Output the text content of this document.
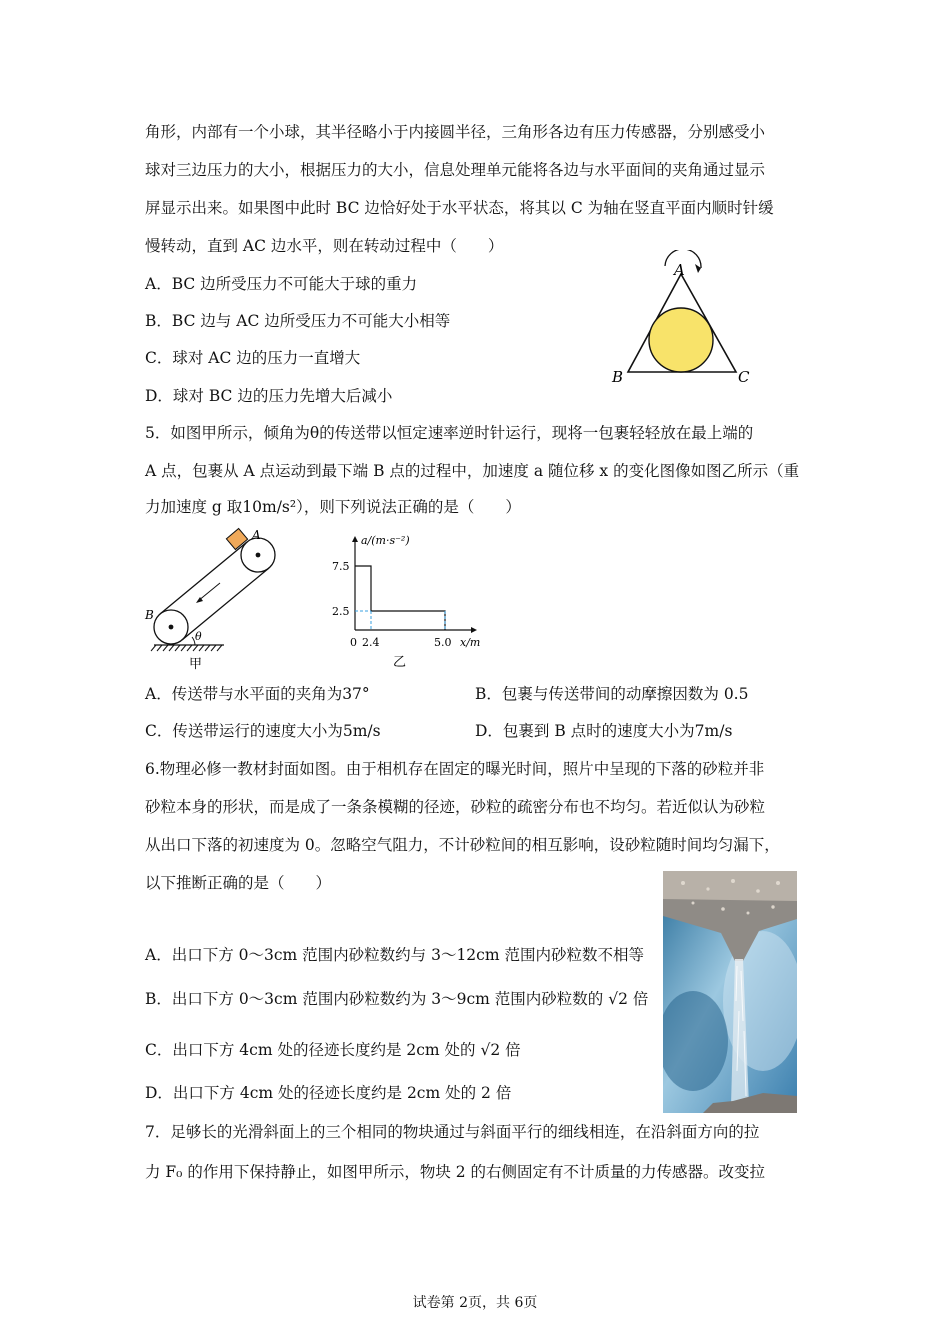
角形，内部有一个小球，其半径略小于内接圆半径，三角形各边有压力传感器，分别感受小
球对三边压力的大小，根据压力的大小，信息处理单元能将各边与水平面间的夹角通过显示
屏显示出来。如果图中此时 BC 边恰好处于水平状态，将其以 C 为轴在竖直平面内顺时针缓
慢转动，直到 AC 边水平，则在转动过程中（　　）
A．BC 边所受压力不可能大于球的重力
B．BC 边与 AC 边所受压力不可能大小相等
C．球对 AC 边的压力一直增大
D．球对 BC 边的压力先增大后减小
A
B	C
5．如图甲所示，倾角为θ的传送带以恒定速率逆时针运行，现将一包裹轻轻放在最上端的
A 点，包裹从 A 点运动到最下端 B 点的过程中，加速度 a 随位移 x 的变化图像如图乙所示（重
力加速度 g 取10m/s²），则下列说法正确的是（　　）
A
B
θ
甲
a/(m·s⁻²)
7.5
2.5
0 2.4	5.0 x/m
乙
A．传送带与水平面的夹角为37°	B．包裹与传送带间的动摩擦因数为 0.5
C．传送带运行的速度大小为5m/s	D．包裹到 B 点时的速度大小为7m/s
6.物理必修一教材封面如图。由于相机存在固定的曝光时间，照片中呈现的下落的砂粒并非
砂粒本身的形状，而是成了一条条模糊的径迹，砂粒的疏密分布也不均匀。若近似认为砂粒
从出口下落的初速度为 0。忽略空气阻力，不计砂粒间的相互影响，设砂粒随时间均匀漏下，
以下推断正确的是（　　）
A．出口下方 0～3cm 范围内砂粒数约与 3～12cm 范围内砂粒数不相等
B．出口下方 0～3cm 范围内砂粒数约为 3～9cm 范围内砂粒数的 √2 倍
C．出口下方 4cm 处的径迹长度约是 2cm 处的 √2 倍
D．出口下方 4cm 处的径迹长度约是 2cm 处的 2 倍
7．足够长的光滑斜面上的三个相同的物块通过与斜面平行的细线相连，在沿斜面方向的拉
力 F₀ 的作用下保持静止，如图甲所示，物块 2 的右侧固定有不计质量的力传感器。改变拉
试卷第 2页，共 6页
